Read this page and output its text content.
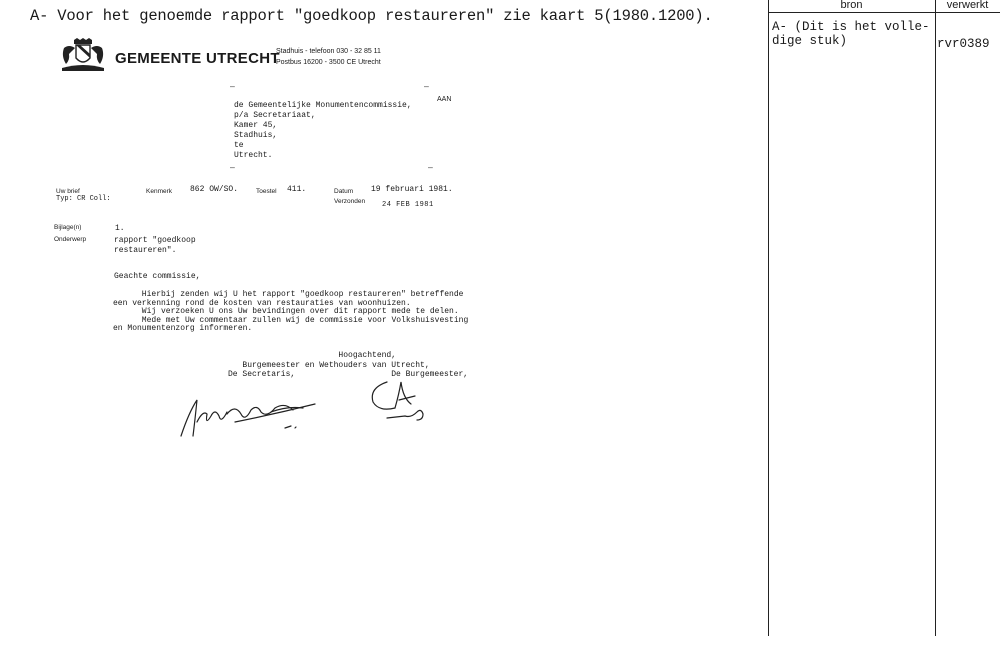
A- Voor het genoemde rapport "goedkoop restaureren" zie kaart 5(1980.1200).
GEMEENTE UTRECHT
Stadhuis - telefoon 030 - 32 85 11
Postbus 16200 - 3500 CE Utrecht
–	–
–	–
AAN
de Gemeentelijke Monumentencommissie,
p/a Secretariaat,
Kamer 45,
Stadhuis,
te
Utrecht.
Uw brief
Typ: CR Coll:
Kenmerk 862 OW/SO.	Toestel 411.	Datum 19 februari 1981.
Verzonden 24 FEB 1981
Bijlage(n)
Onderwerp
1.
rapport "goedkoop restaureren".
Geachte commissie,
Hierbij zenden wij U het rapport "goedkoop restaureren" betreffende
een verkenning rond de kosten van restauraties van woonhuizen.
Wij verzoeken U ons Uw bevindingen over dit rapport mede te delen.
Mede met Uw commentaar zullen wij de commissie voor Volkshuisvesting
en Monumentenzorg informeren.
Hoogachtend,
Burgemeester en Wethouders van Utrecht,
De Secretaris,                    De Burgemeester,
bron	verwerkt
A- (Dit is het volle-
dige stuk)	rvr0389
